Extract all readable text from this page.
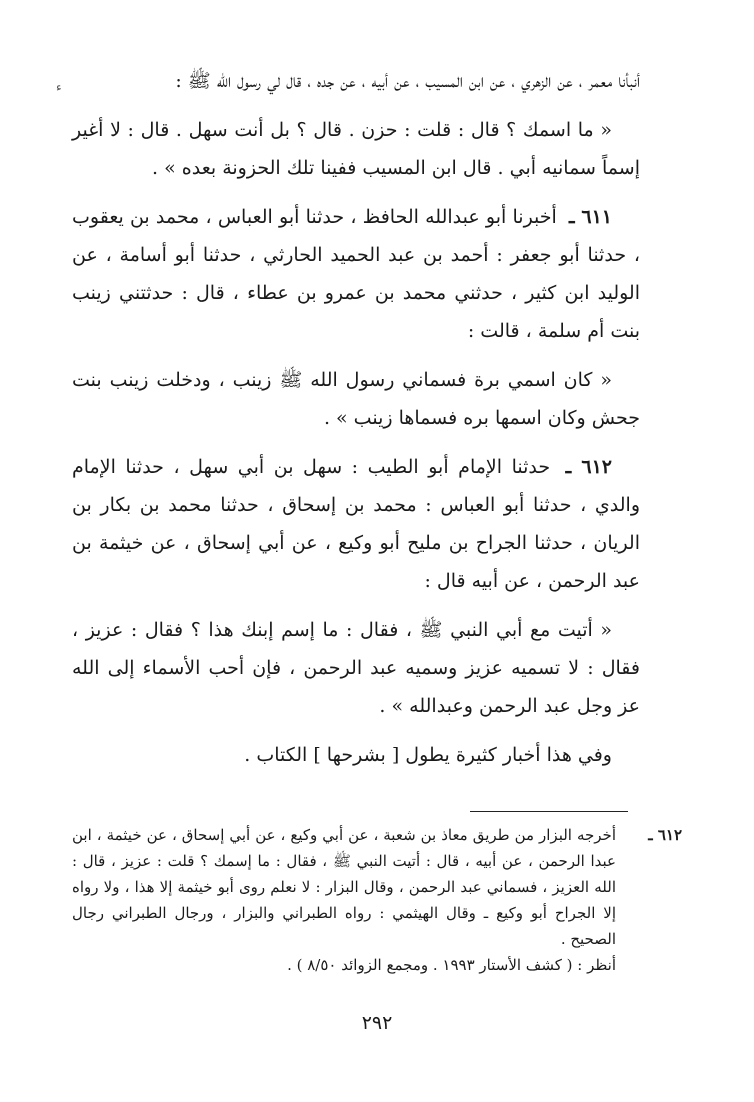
ء	أنبأنا معمر ، عن الزهري ، عن ابن المسيب ، عن أبيه ، عن جده ، قال لي رسول الله ﷺ :

« ما اسمك ؟ قال : قلت : حزن . قال ؟ بل أنت سهل . قال : لا أغير إسماً سمانيه أبي . قال ابن المسيب ففينا تلك الحزونة بعده » .

٦١١ ـ أخبرنا أبو عبدالله الحافظ ، حدثنا أبو العباس ، محمد بن يعقوب ، حدثنا أبو جعفر : أحمد بن عبد الحميد الحارثي ، حدثنا أبو أسامة ، عن الوليد ابن كثير ، حدثني محمد بن عمرو بن عطاء ، قال : حدثتني زينب بنت أم سلمة ، قالت :

« كان اسمي برة فسماني رسول الله ﷺ زينب ، ودخلت زينب بنت جحش وكان اسمها بره فسماها زينب » .

٦١٢ ـ حدثنا الإمام أبو الطيب : سهل بن أبي سهل ، حدثنا الإمام والدي ، حدثنا أبو العباس : محمد بن إسحاق ، حدثنا محمد بن بكار بن الريان ، حدثنا الجراح بن مليح أبو وكيع ، عن أبي إسحاق ، عن خيثمة بن عبد الرحمن ، عن أبيه قال :

« أتيت مع أبي النبي ﷺ ، فقال : ما إسم إبنك هذا ؟ فقال : عزيز ، فقال : لا تسميه عزيز وسميه عبد الرحمن ، فإن أحب الأسماء إلى الله عز وجل عبد الرحمن وعبدالله » .

وفي هذا أخبار كثيرة يطول [ بشرحها ] الكتاب .

٦١٢ ـ

أخرجه البزار من طريق معاذ بن شعبة ، عن أبي وكيع ، عن أبي إسحاق ، عن خيثمة ، ابن عبدا الرحمن ، عن أبيه ، قال : أتيت النبي ﷺ ، فقال : ما إسمك ؟ قلت : عزيز ، قال : الله العزيز ، فسماني عبد الرحمن ، وقال البزار : لا نعلم روى أبو خيثمة إلا هذا ، ولا رواه إلا الجراح أبو وكيع ـ وقال الهيثمي : رواه الطبراني والبزار ، ورجال الطبراني رجال الصحيح .

أنظر : ( كشف الأستار ١٩٩٣ . ومجمع الزوائد ٨/٥٠ ) .

٢٩٢
